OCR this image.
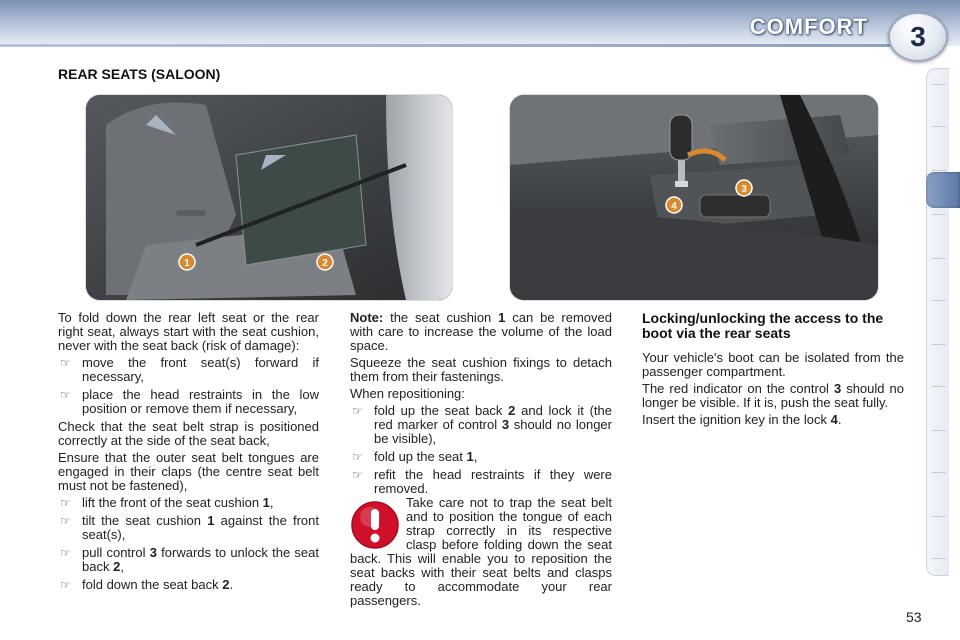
COMFORT	3
REAR SEATS (SALOON)
1	2
3
4

To fold down the rear left seat or the rear right seat, always start with the seat cushion, never with the seat back (risk of damage):

☞ move the front seat(s) forward if necessary,
☞ place the head restraints in the low position or remove them if necessary,

Check that the seat belt strap is positioned correctly at the side of the seat back,

Ensure that the outer seat belt tongues are engaged in their claps (the centre seat belt must not be fastened),

☞ lift the front of the seat cushion 1,
☞ tilt the seat cushion 1 against the front seat(s),
☞ pull control 3 forwards to unlock the seat back 2,
☞ fold down the seat back 2.

Note: the seat cushion 1 can be removed with care to increase the volume of the load space.

Squeeze the seat cushion fixings to detach them from their fastenings.

When repositioning:

☞ fold up the seat back 2 and lock it (the red marker of control 3 should no longer be visible),
☞ fold up the seat 1,
☞ refit the head restraints if they were removed.

Take care not to trap the seat belt and to position the tongue of each strap correctly in its respective clasp before folding down the seat back. This will enable you to reposition the seat backs with their seat belts and clasps ready to accommodate your rear passengers.

Locking/unlocking the access to the boot via the rear seats

Your vehicle's boot can be isolated from the passenger compartment.

The red indicator on the control 3 should no longer be visible. If it is, push the seat fully.

Insert the ignition key in the lock 4.

53
